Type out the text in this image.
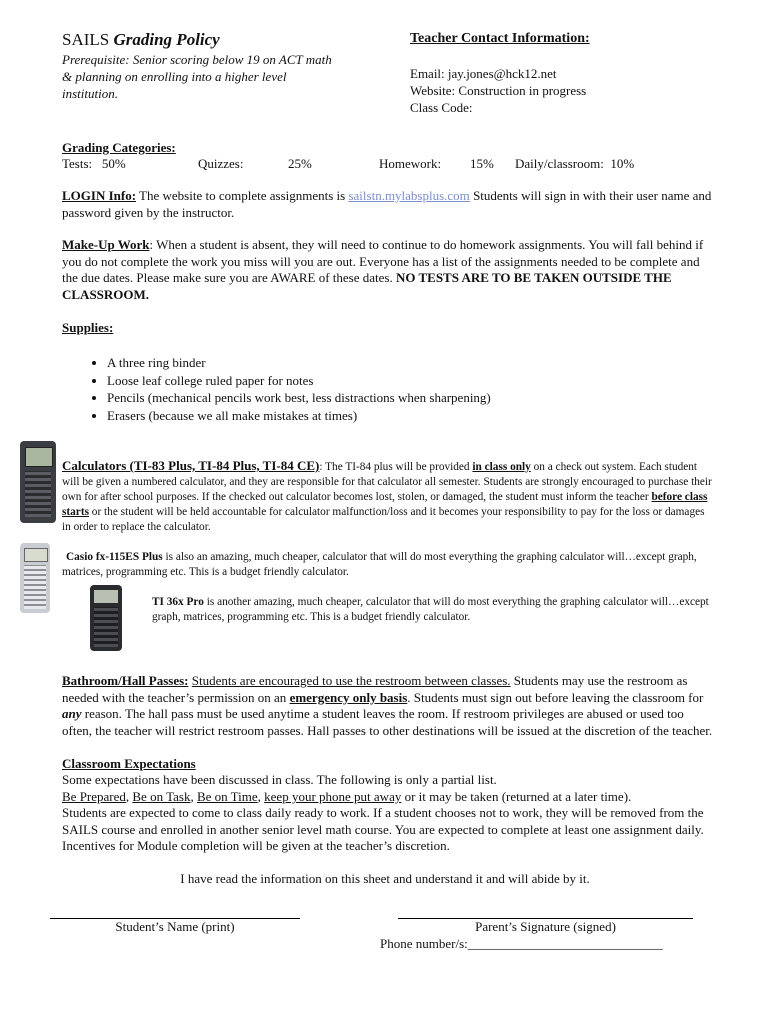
SAILS Grading Policy
Prerequisite: Senior scoring below 19 on ACT math
& planning on enrolling into a higher level
institution.
Teacher Contact Information:
Email: jay.jones@hck12.net
Website: Construction in progress
Class Code:
Grading Categories:
Tests:   50%	Quizzes:	25%	Homework: 15% Daily/classroom:  10%
LOGIN Info: The website to complete assignments is sailstn.mylabsplus.com Students will sign in with their user name and password given by the instructor.
Make-Up Work: When a student is absent, they will need to continue to do homework assignments. You will fall behind if you do not complete the work you miss will you are out. Everyone has a list of the assignments needed to be complete and the due dates. Please make sure you are AWARE of these dates. NO TESTS ARE TO BE TAKEN OUTSIDE THE CLASSROOM.
Supplies:
• A three ring binder
• Loose leaf college ruled paper for notes
• Pencils (mechanical pencils work best, less distractions when sharpening)
• Erasers (because we all make mistakes at times)
Calculators (TI-83 Plus, TI-84 Plus, TI-84 CE): The TI-84 plus will be provided in class only on a check out system. Each student will be given a numbered calculator, and they are responsible for that calculator all semester. Students are strongly encouraged to purchase their own for after school purposes. If the checked out calculator becomes lost, stolen, or damaged, the student must inform the teacher before class starts or the student will be held accountable for calculator malfunction/loss and it becomes your responsibility to pay for the loss or damages in order to replace the calculator.
Casio fx-115ES Plus is also an amazing, much cheaper, calculator that will do most everything the graphing calculator will…except graph, matrices, programming etc. This is a budget friendly calculator.
TI 36x Pro is another amazing, much cheaper, calculator that will do most everything the graphing calculator will…except graph, matrices, programming etc. This is a budget friendly calculator.
Bathroom/Hall Passes: Students are encouraged to use the restroom between classes. Students may use the restroom as needed with the teacher’s permission on an emergency only basis. Students must sign out before leaving the classroom for any reason. The hall pass must be used anytime a student leaves the room. If restroom privileges are abused or used too often, the teacher will restrict restroom passes. Hall passes to other destinations will be issued at the discretion of the teacher.
Classroom Expectations
Some expectations have been discussed in class. The following is only a partial list.
Be Prepared, Be on Task, Be on Time, keep your phone put away or it may be taken (returned at a later time).
Students are expected to come to class daily ready to work. If a student chooses not to work, they will be removed from the SAILS course and enrolled in another senior level math course. You are expected to complete at least one assignment daily. Incentives for Module completion will be given at the teacher’s discretion.
I have read the information on this sheet and understand it and will abide by it.
Student’s Name (print)	Parent’s Signature (signed)
Phone number/s:______________________________
